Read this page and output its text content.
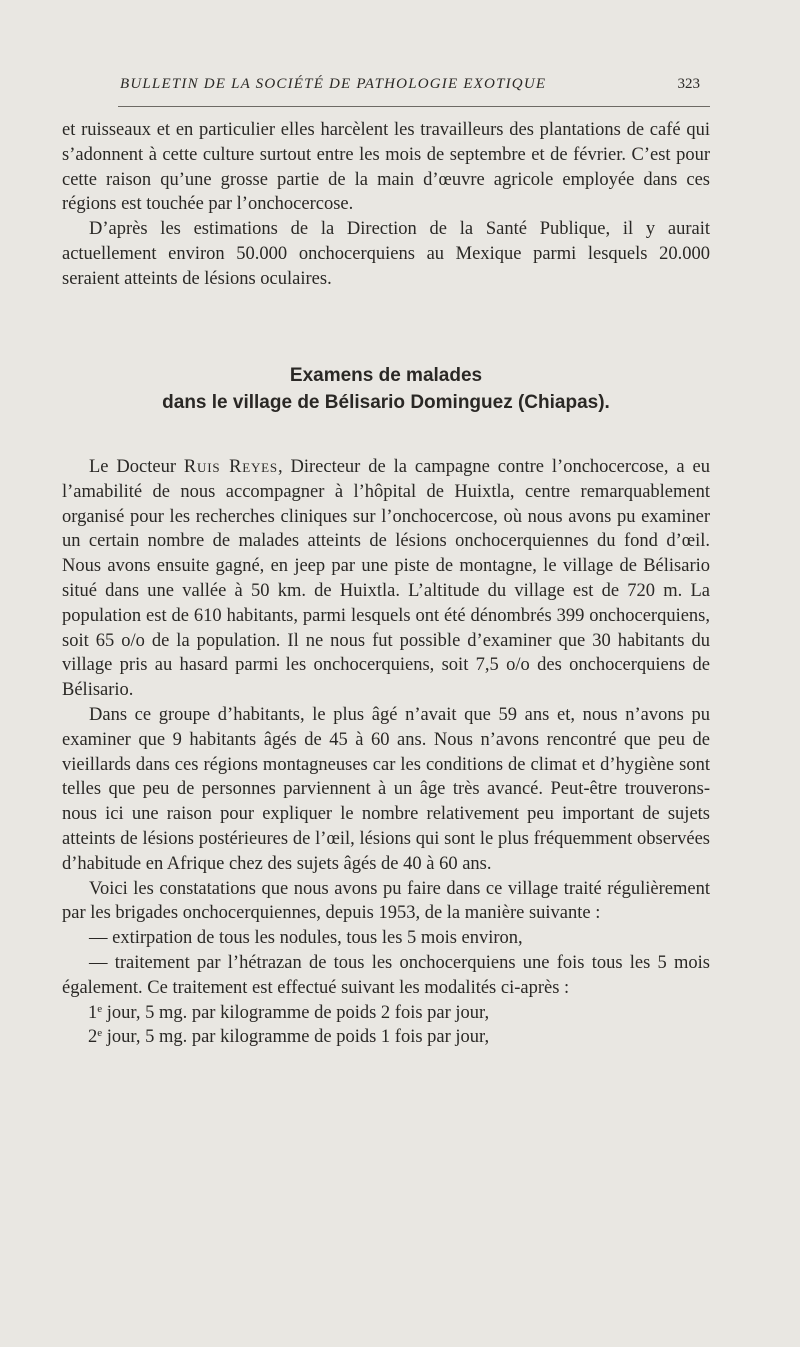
BULLETIN DE LA SOCIÉTÉ DE PATHOLOGIE EXOTIQUE	323

et ruisseaux et en particulier elles harcèlent les travailleurs des plantations de café qui s’adonnent à cette culture surtout entre les mois de septembre et de février. C’est pour cette raison qu’une grosse partie de la main d’œuvre agricole employée dans ces régions est touchée par l’onchocercose.

D’après les estimations de la Direction de la Santé Publique, il y aurait actuellement environ 50.000 onchocerquiens au Mexique parmi lesquels 20.000 seraient atteints de lésions oculaires.

Examens de malades
dans le village de Bélisario Dominguez (Chiapas).

Le Docteur Ruis Reyes, Directeur de la campagne contre l’onchocercose, a eu l’amabilité de nous accompagner à l’hôpital de Huixtla, centre remarquablement organisé pour les recherches cliniques sur l’onchocercose, où nous avons pu examiner un certain nombre de malades atteints de lésions onchocerquiennes du fond d’œil. Nous avons ensuite gagné, en jeep par une piste de montagne, le village de Bélisario situé dans une vallée à 50 km. de Huixtla. L’altitude du village est de 720 m. La population est de 610 habitants, parmi lesquels ont été dénombrés 399 onchocerquiens, soit 65 o/o de la population. Il ne nous fut possible d’examiner que 30 habitants du village pris au hasard parmi les onchocerquiens, soit 7,5 o/o des onchocerquiens de Bélisario.

Dans ce groupe d’habitants, le plus âgé n’avait que 59 ans et, nous n’avons pu examiner que 9 habitants âgés de 45 à 60 ans. Nous n’avons rencontré que peu de vieillards dans ces régions montagneuses car les conditions de climat et d’hygiène sont telles que peu de personnes parviennent à un âge très avancé. Peut-être trouverons-nous ici une raison pour expliquer le nombre relativement peu important de sujets atteints de lésions postérieures de l’œil, lésions qui sont le plus fréquemment observées d’habitude en Afrique chez des sujets âgés de 40 à 60 ans.

Voici les constatations que nous avons pu faire dans ce village traité régulièrement par les brigades onchocerquiennes, depuis 1953, de la manière suivante :

— extirpation de tous les nodules, tous les 5 mois environ,

— traitement par l’hétrazan de tous les onchocerquiens une fois tous les 5 mois également. Ce traitement est effectué suivant les modalités ci-après :

1e jour, 5 mg. par kilogramme de poids 2 fois par jour,

2e jour, 5 mg. par kilogramme de poids 1 fois par jour,
